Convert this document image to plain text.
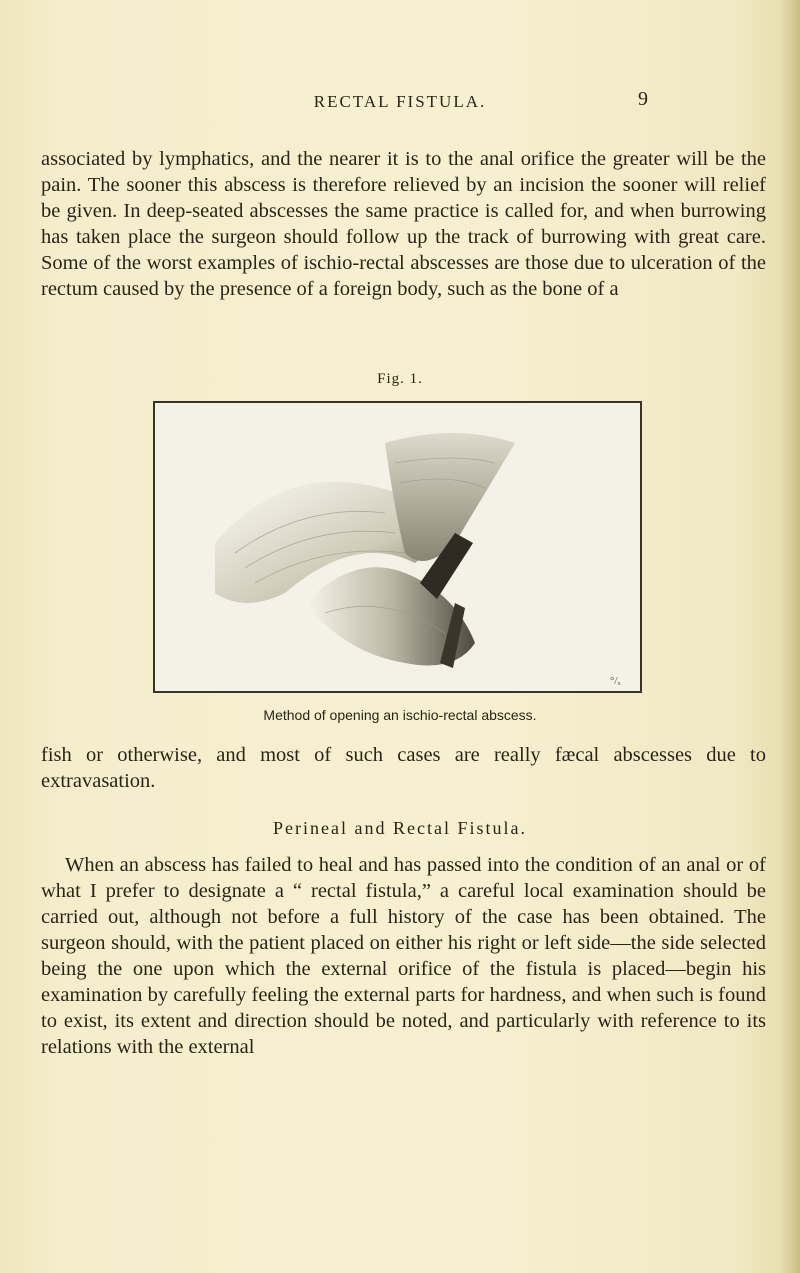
RECTAL FISTULA.	9

associated by lymphatics, and the nearer it is to the anal orifice the greater will be the pain. The sooner this abscess is therefore relieved by an incision the sooner will relief be given. In deep-seated abscesses the same practice is called for, and when burrowing has taken place the surgeon should follow up the track of burrowing with great care. Some of the worst examples of ischio-rectal abscesses are those due to ulceration of the rectum caused by the presence of a foreign body, such as the bone of a

Fig. 1.
°/ₓ
Method of opening an ischio-rectal abscess.

fish or otherwise, and most of such cases are really fæcal abscesses due to extravasation.

Perineal and Rectal Fistula.

When an abscess has failed to heal and has passed into the condition of an anal or of what I prefer to designate a “ rectal fistula,” a careful local examination should be carried out, although not before a full history of the case has been obtained. The surgeon should, with the patient placed on either his right or left side—the side selected being the one upon which the external orifice of the fistula is placed—begin his examination by carefully feeling the external parts for hardness, and when such is found to exist, its extent and direction should be noted, and particularly with reference to its relations with the external
